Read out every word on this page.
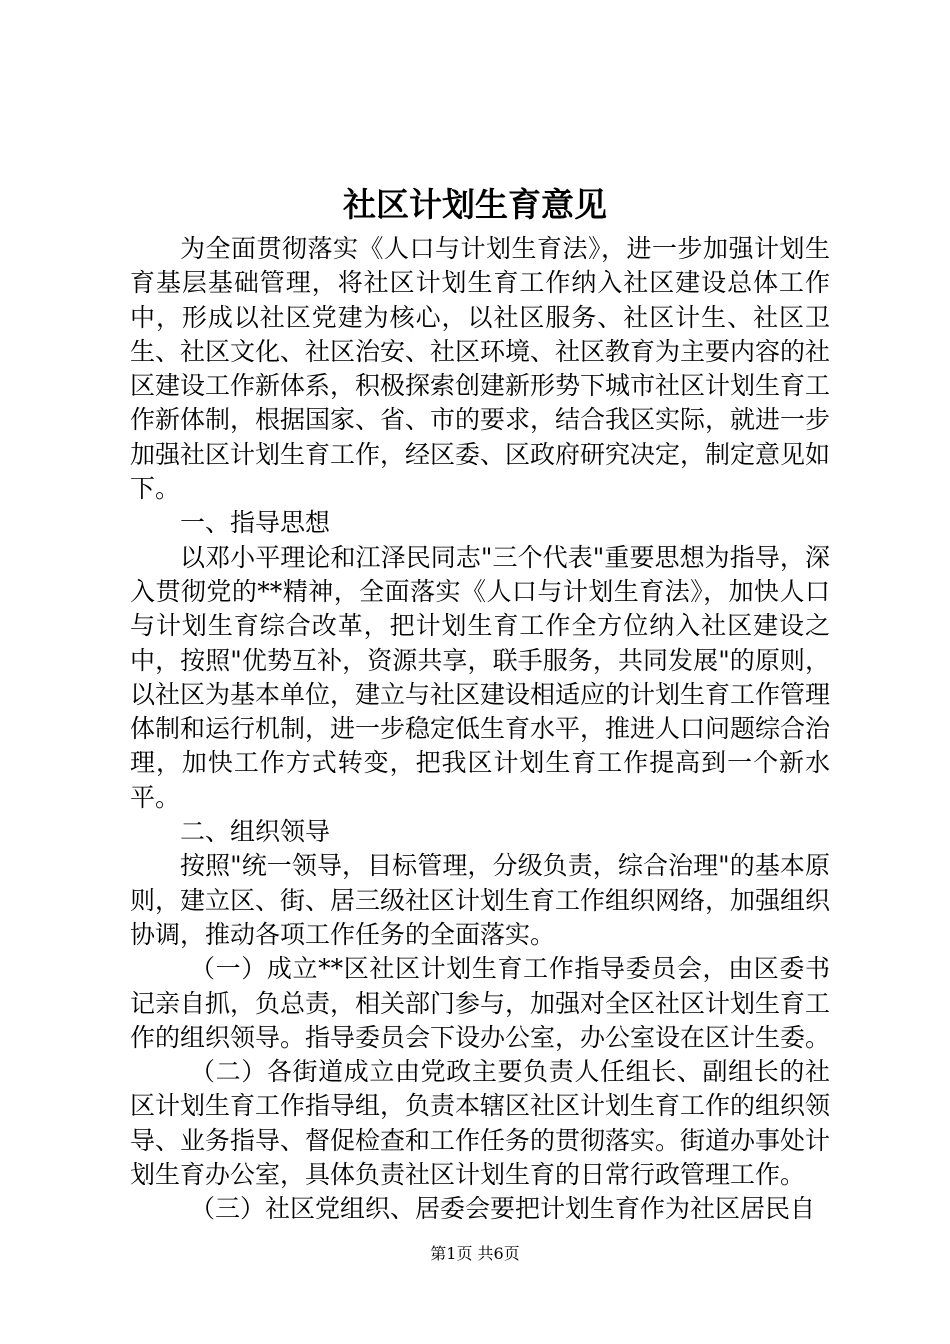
社区计划生育意见

为全面贯彻落实《人口与计划生育法》，进一步加强计划生育基层基础管理，将社区计划生育工作纳入社区建设总体工作中，形成以社区党建为核心，以社区服务、社区计生、社区卫生、社区文化、社区治安、社区环境、社区教育为主要内容的社区建设工作新体系，积极探索创建新形势下城市社区计划生育工作新体制，根据国家、省、市的要求，结合我区实际，就进一步加强社区计划生育工作，经区委、区政府研究决定，制定意见如下。

一、指导思想

以邓小平理论和江泽民同志"三个代表"重要思想为指导，深入贯彻党的**精神，全面落实《人口与计划生育法》，加快人口与计划生育综合改革，把计划生育工作全方位纳入社区建设之中，按照"优势互补，资源共享，联手服务，共同发展"的原则，以社区为基本单位，建立与社区建设相适应的计划生育工作管理体制和运行机制，进一步稳定低生育水平，推进人口问题综合治理，加快工作方式转变，把我区计划生育工作提高到一个新水平。

二、组织领导

按照"统一领导，目标管理，分级负责，综合治理"的基本原则，建立区、街、居三级社区计划生育工作组织网络，加强组织协调，推动各项工作任务的全面落实。

（一）成立**区社区计划生育工作指导委员会，由区委书记亲自抓，负总责，相关部门参与，加强对全区社区计划生育工作的组织领导。指导委员会下设办公室，办公室设在区计生委。

（二）各街道成立由党政主要负责人任组长、副组长的社区计划生育工作指导组，负责本辖区社区计划生育工作的组织领导、业务指导、督促检查和工作任务的贯彻落实。街道办事处计划生育办公室，具体负责社区计划生育的日常行政管理工作。

（三）社区党组织、居委会要把计划生育作为社区居民自

第1页 共6页
